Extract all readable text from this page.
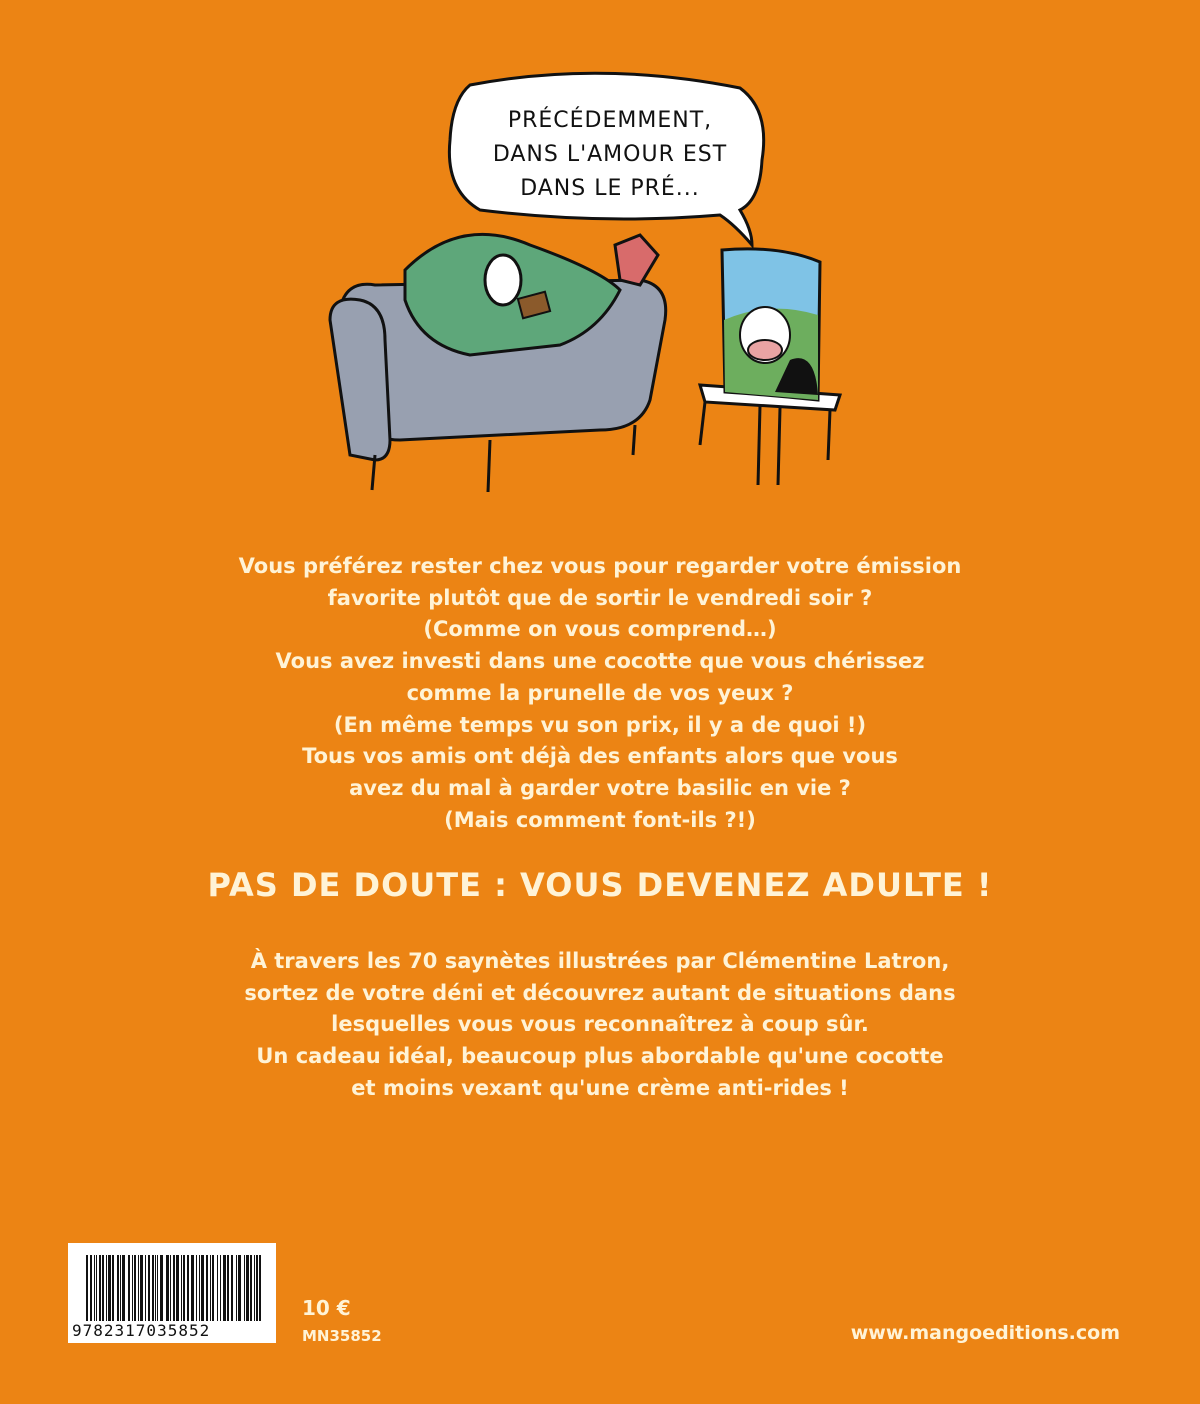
PRÉCÉDEMMENT,
DANS L'AMOUR EST
DANS LE PRÉ...
Vous préférez rester chez vous pour regarder votre émission
favorite plutôt que de sortir le vendredi soir ?
(Comme on vous comprend…)
Vous avez investi dans une cocotte que vous chérissez
comme la prunelle de vos yeux ?
(En même temps vu son prix, il y a de quoi !)
Tous vos amis ont déjà des enfants alors que vous
avez du mal à garder votre basilic en vie ?
(Mais comment font-ils ?!)
PAS DE DOUTE : VOUS DEVENEZ ADULTE !
À travers les 70 saynètes illustrées par Clémentine Latron,
sortez de votre déni et découvrez autant de situations dans
lesquelles vous vous reconnaîtrez à coup sûr.
Un cadeau idéal, beaucoup plus abordable qu'une cocotte
et moins vexant qu'une crème anti-rides !
9782317035852
10 €
MN35852	www.mangoeditions.com
